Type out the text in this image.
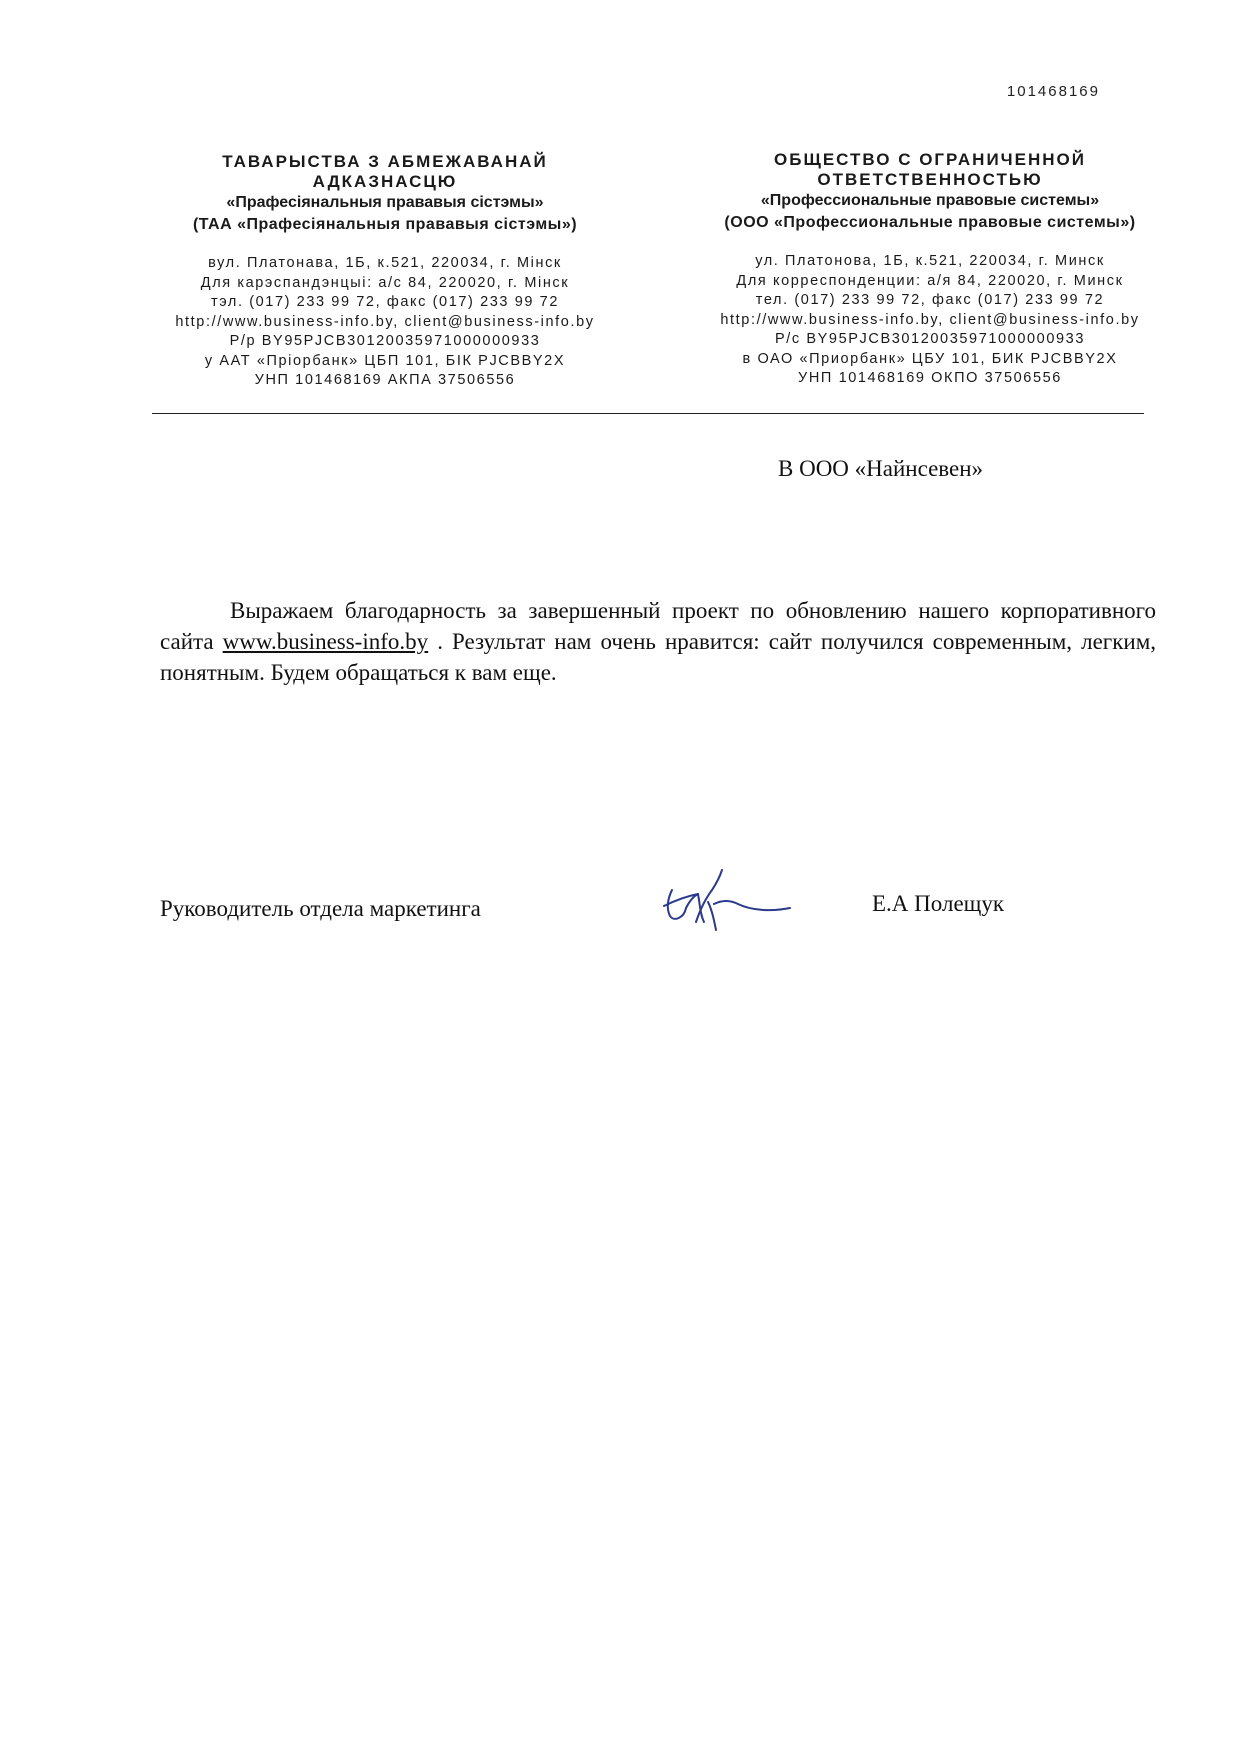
101468169
ТАВАРЫСТВА З АБМЕЖАВАНАЙ
АДКАЗНАСЦЮ
«Прафесіянальныя прававыя сістэмы»
(ТАА «Прафесіянальныя прававыя сістэмы»)
вул. Платонава, 1Б, к.521, 220034, г. Мінск
Для карэспандэнцыі: а/с 84, 220020, г. Мінск
тэл. (017) 233 99 72, факс (017) 233 99 72
http://www.business-info.by, client@business-info.by
Р/р BY95PJCB30120035971000000933
у ААТ «Пріорбанк» ЦБП 101, БІК PJCBBY2X
УНП 101468169 АКПА 37506556
ОБЩЕСТВО С ОГРАНИЧЕННОЙ
ОТВЕТСТВЕННОСТЬЮ
«Профессиональные правовые системы»
(ООО «Профессиональные правовые системы»)
ул. Платонова, 1Б, к.521, 220034, г. Минск
Для корреспонденции: а/я 84, 220020, г. Минск
тел. (017) 233 99 72, факс (017) 233 99 72
http://www.business-info.by, client@business-info.by
Р/с BY95PJCB30120035971000000933
в ОАО «Приорбанк» ЦБУ 101, БИК PJCBBY2X
УНП 101468169 ОКПО 37506556
В ООО «Найнсевен»

Выражаем благодарность за завершенный проект по обновлению нашего корпоративного сайта www.business-info.by . Результат нам очень нравится: сайт получился современным, легким, понятным. Будем обращаться к вам еще.

Руководитель отдела маркетинга	Е.А Полещук
